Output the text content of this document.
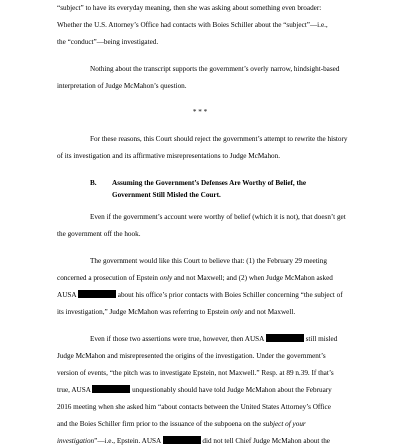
“subject” to have its everyday meaning, then she was asking about something even broader:
Whether the U.S. Attorney’s Office had contacts with Boies Schiller about the “subject”—i.e.,
the “conduct”—being investigated.
Nothing about the transcript supports the government’s overly narrow, hindsight-based
interpretation of Judge McMahon’s question.
For these reasons, this Court should reject the government’s attempt to rewrite the history
of its investigation and its affirmative misrepresentations to Judge McMahon.
Even if the government’s account were worthy of belief (which it is not), that doesn’t get
the government off the hook.
The government would like this Court to believe that: (1) the February 29 meeting
concerned a prosecution of Epstein only and not Maxwell; and (2) when Judge McMahon asked
AUSA	about his office’s prior contacts with Boies Schiller concerning “the subject of
its investigation,” Judge McMahon was referring to Epstein only and not Maxwell.
Even if those two assertions were true, however, then AUSA	still misled
Judge McMahon and misrepresented the origins of the investigation. Under the government’s
version of events, “the pitch was to investigate Epstein, not Maxwell.” Resp. at 89 n.39. If that’s
true, AUSA	unquestionably should have told Judge McMahon about the February
2016 meeting when she asked him “about contacts between the United States Attorney’s Office
and the Boies Schiller firm prior to the issuance of the subpoena on the subject of your
investigation”—i.e., Epstein. AUSA	did not tell Chief Judge McMahon about the
* * *
B. Assuming the Government’s Defenses Are Worthy of Belief, the
Government Still Misled the Court.
